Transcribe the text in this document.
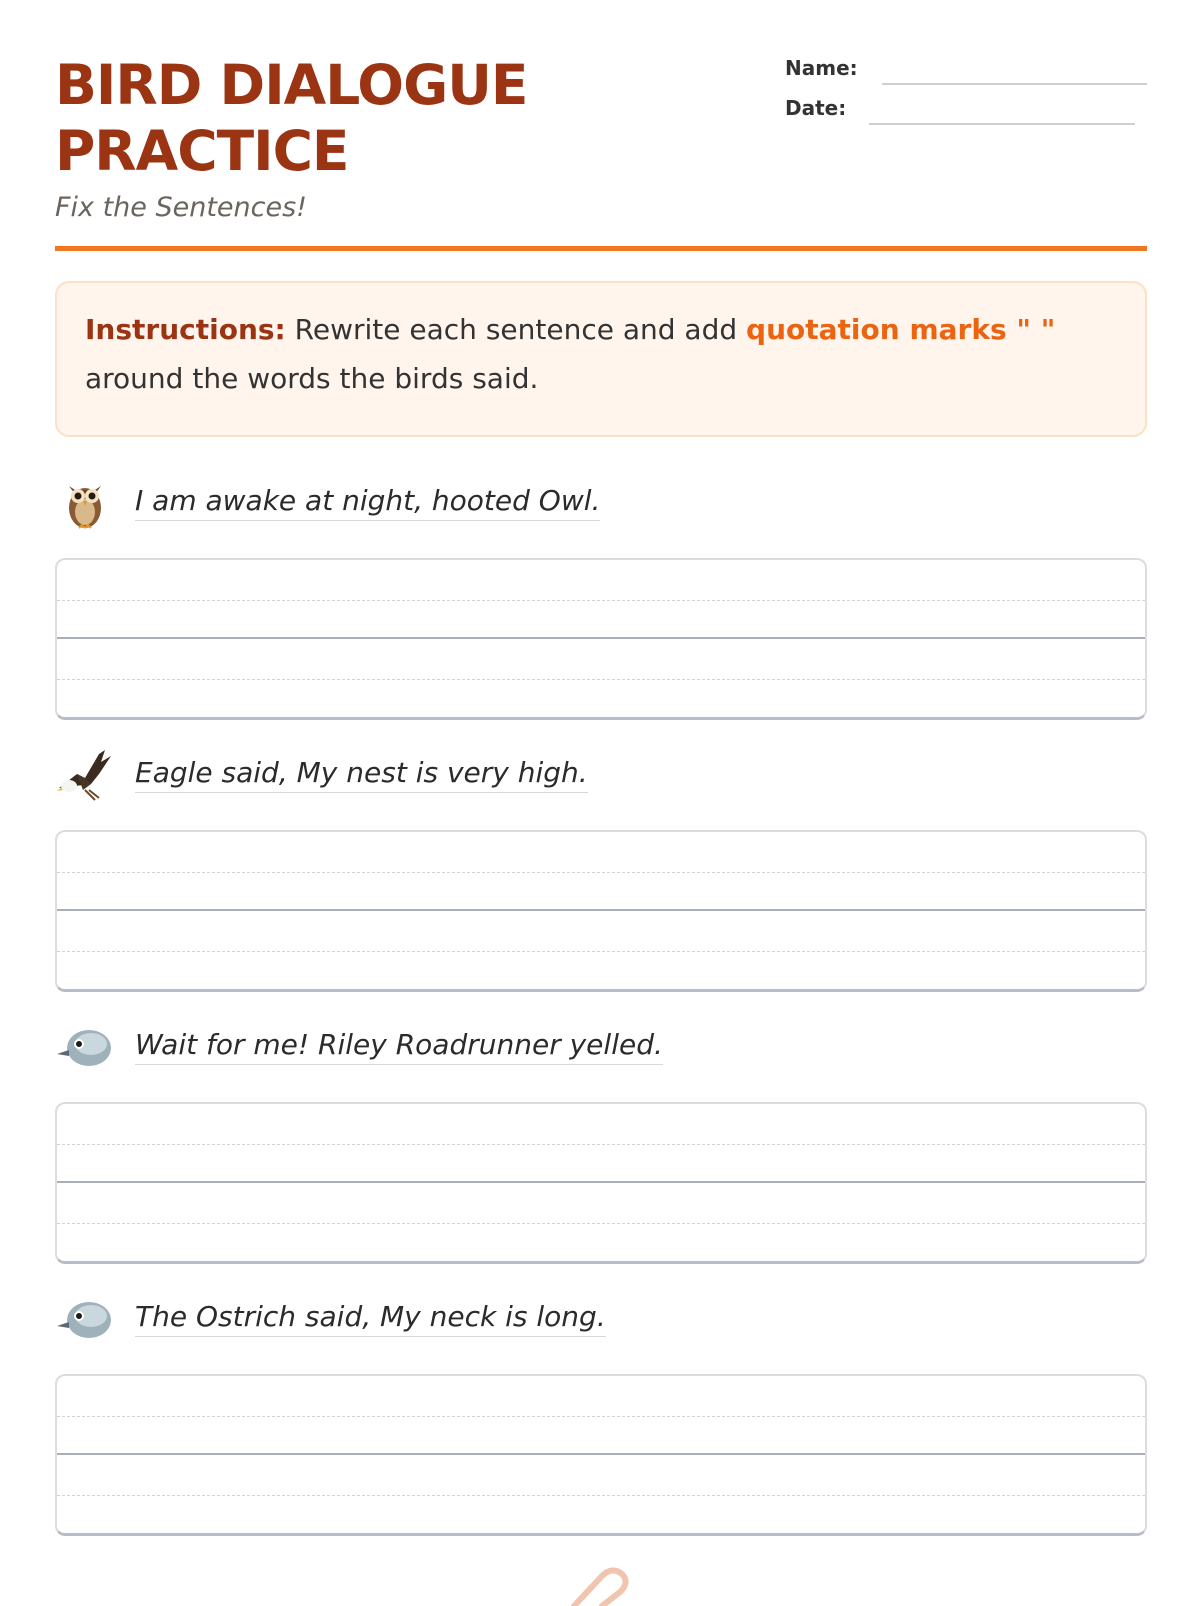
BIRD DIALOGUE PRACTICE
Fix the Sentences!
Name:
Date:
Instructions: Rewrite each sentence and add quotation marks " " around the words the birds said.
I am awake at night, hooted Owl.
Eagle said, My nest is very high.
Wait for me! Riley Roadrunner yelled.
The Ostrich said, My neck is long.
